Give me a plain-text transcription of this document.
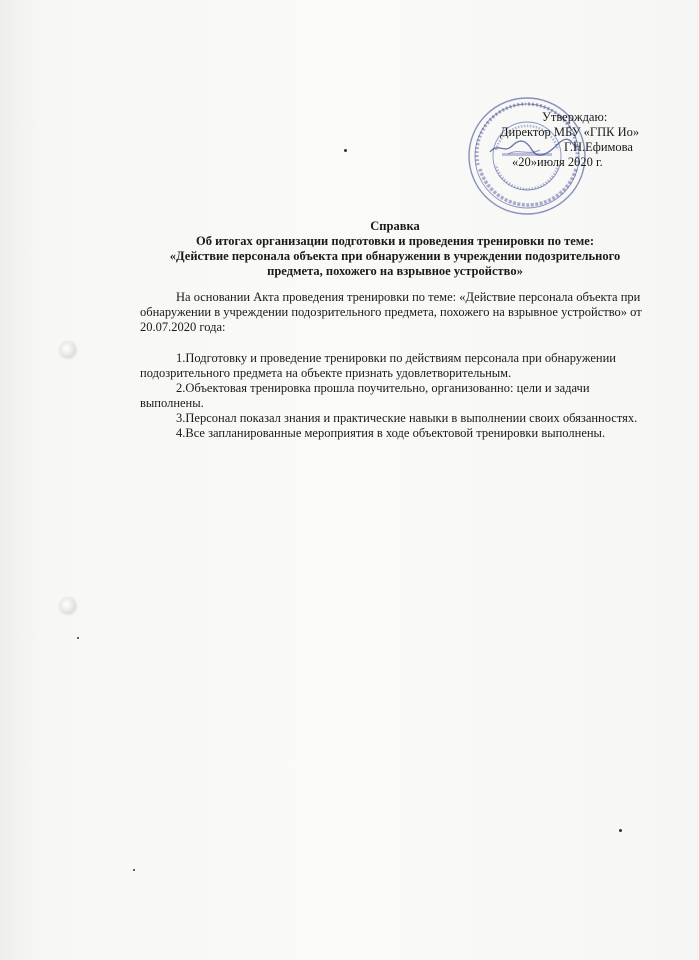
Утверждаю:
Директор МБУ «ГПК Ио»
Г.Н.Ефимова
«20»июля 2020 г.
Справка
Об итогах организации подготовки и проведения тренировки по теме:
«Действие персонала объекта при обнаружении в учреждении подозрительного
предмета, похожего на взрывное устройство»
На основании Акта проведения тренировки по теме: «Действие персонала объекта при
обнаружении в учреждении подозрительного предмета, похожего на взрывное устройство» от
20.07.2020 года:
1.Подготовку и проведение тренировки по действиям персонала при обнаружении
подозрительного предмета на объекте признать удовлетворительным.
2.Объектовая тренировка прошла поучительно, организованно: цели и задачи
выполнены.
3.Персонал показал знания и практические навыки в выполнении своих обязанностях.
4.Все запланированные мероприятия в ходе объектовой тренировки выполнены.
